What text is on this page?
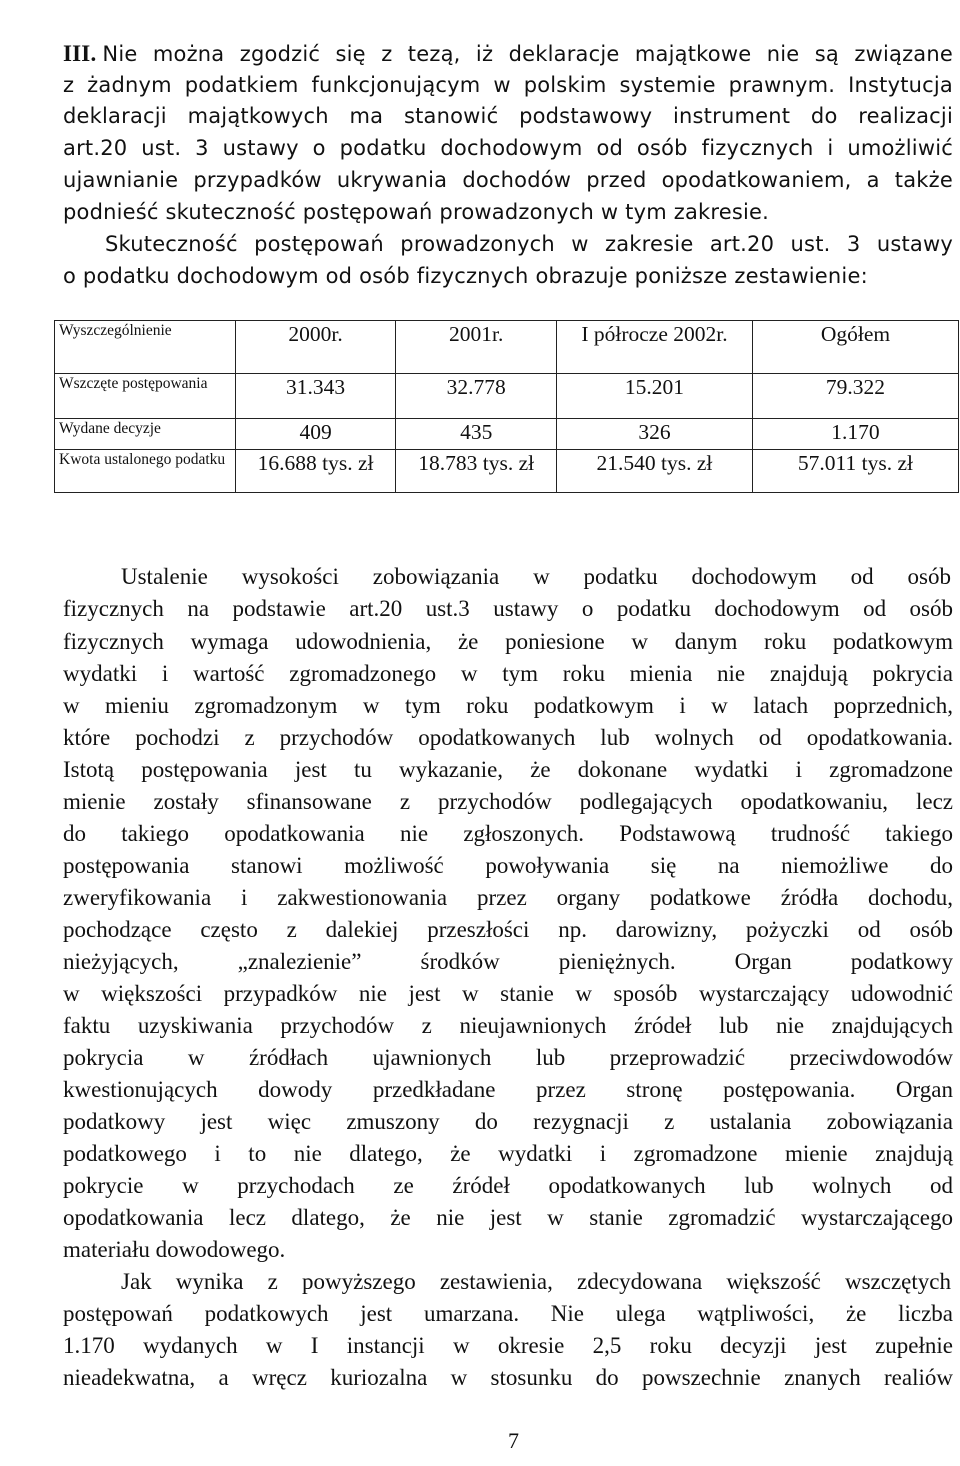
III. Nie można zgodzić się z tezą, iż deklaracje majątkowe nie są związane
z żadnym podatkiem funkcjonującym w polskim systemie prawnym. Instytucja
deklaracji majątkowych ma stanowić podstawowy instrument do realizacji
art.20 ust. 3 ustawy o podatku dochodowym od osób fizycznych i umożliwić
ujawnianie przypadków ukrywania dochodów przed opodatkowaniem, a także
podnieść skuteczność postępowań prowadzonych w tym zakresie.
Skuteczność postępowań prowadzonych w zakresie art.20 ust. 3 ustawy
o podatku dochodowym od osób fizycznych obrazuje poniższe zestawienie:
Wyszczególnienie	2000r.	2001r.	I półrocze 2002r.	Ogółem
Wszczęte postępowania	31.343	32.778	15.201	79.322
Wydane decyzje	409	435	326	1.170
Kwota ustalonego podatku	16.688 tys. zł	18.783 tys. zł	21.540 tys. zł	57.011 tys. zł
Ustalenie wysokości zobowiązania w podatku dochodowym od osób
fizycznych na podstawie art.20 ust.3 ustawy o podatku dochodowym od osób
fizycznych wymaga udowodnienia, że poniesione w danym roku podatkowym
wydatki i wartość zgromadzonego w tym roku mienia nie znajdują pokrycia
w mieniu zgromadzonym w tym roku podatkowym i w latach poprzednich,
które pochodzi z przychodów opodatkowanych lub wolnych od opodatkowania.
Istotą postępowania jest tu wykazanie, że dokonane wydatki i zgromadzone
mienie zostały sfinansowane z przychodów podlegających opodatkowaniu, lecz
do takiego opodatkowania nie zgłoszonych. Podstawową trudność takiego
postępowania stanowi możliwość powoływania się na niemożliwe do
zweryfikowania i zakwestionowania przez organy podatkowe źródła dochodu,
pochodzące często z dalekiej przeszłości np. darowizny, pożyczki od osób
nieżyjących, „znalezienie” środków pieniężnych. Organ podatkowy
w większości przypadków nie jest w stanie w sposób wystarczający udowodnić
faktu uzyskiwania przychodów z nieujawnionych źródeł lub nie znajdujących
pokrycia w źródłach ujawnionych lub przeprowadzić przeciwdowodów
kwestionujących dowody przedkładane przez stronę postępowania. Organ
podatkowy jest więc zmuszony do rezygnacji z ustalania zobowiązania
podatkowego i to nie dlatego, że wydatki i zgromadzone mienie znajdują
pokrycie w przychodach ze źródeł opodatkowanych lub wolnych od
opodatkowania lecz dlatego, że nie jest w stanie zgromadzić wystarczającego
materiału dowodowego.
Jak wynika z powyższego zestawienia, zdecydowana większość wszczętych
postępowań podatkowych jest umarzana. Nie ulega wątpliwości, że liczba
1.170 wydanych w I instancji w okresie 2,5 roku decyzji jest zupełnie
nieadekwatna, a wręcz kuriozalna w stosunku do powszechnie znanych realiów
7
